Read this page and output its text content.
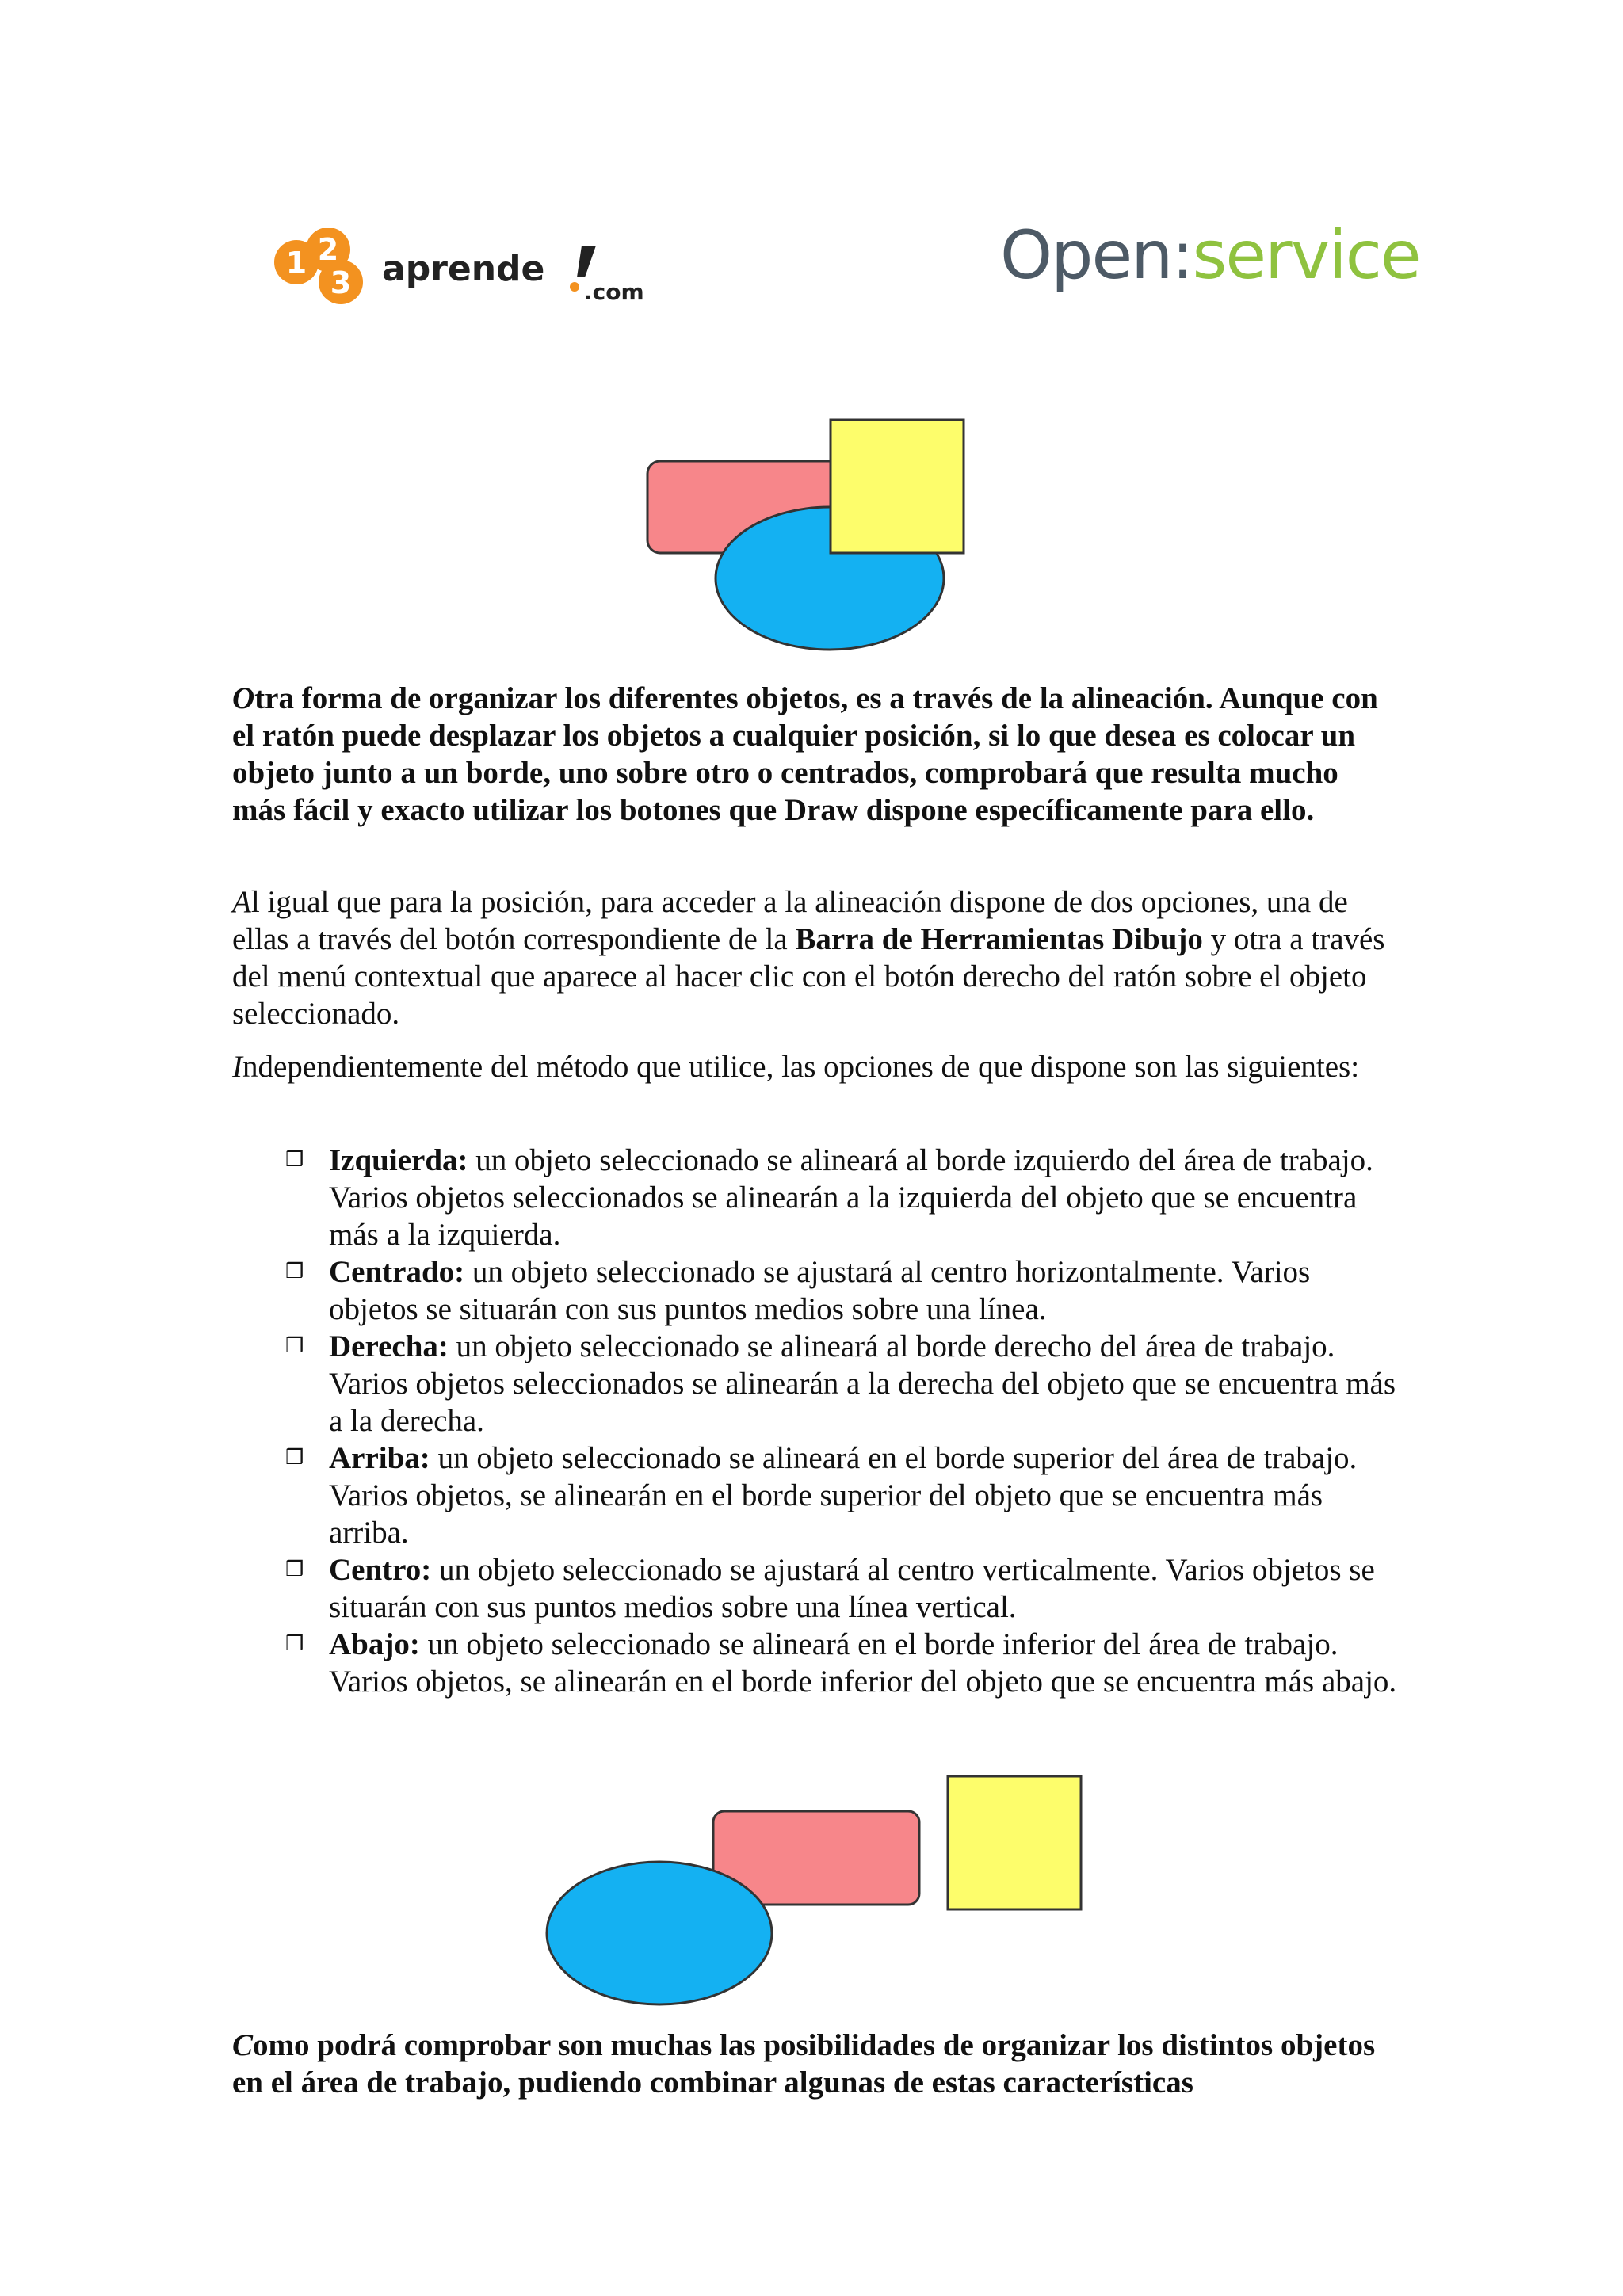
1 2
3 aprende
.com	Open:service
Otra forma de organizar los diferentes objetos, es a través de la alineación. Aunque con el ratón puede desplazar los objetos a cualquier posición, si lo que desea es colocar un objeto junto a un borde, uno sobre otro o centrados, comprobará que resulta mucho más fácil y exacto utilizar los botones que Draw dispone específicamente para ello.
Al igual que para la posición, para acceder a la alineación dispone de dos opciones, una de ellas a través del botón correspondiente de la Barra de Herramientas Dibujo y otra a través del menú contextual que aparece al hacer clic con el botón derecho del ratón sobre el objeto seleccionado.
Independientemente del método que utilice, las opciones de que dispone son las siguientes:
❒ Izquierda: un objeto seleccionado se alineará al borde izquierdo del área de trabajo. Varios objetos seleccionados se alinearán a la izquierda del objeto que se encuentra más a la izquierda.
❒ Centrado: un objeto seleccionado se ajustará al centro horizontalmente. Varios objetos se situarán con sus puntos medios sobre una línea.
❒ Derecha: un objeto seleccionado se alineará al borde derecho del área de trabajo. Varios objetos seleccionados se alinearán a la derecha del objeto que se encuentra más a la derecha.
❒ Arriba: un objeto seleccionado se alineará en el borde superior del área de trabajo. Varios objetos, se alinearán en el borde superior del objeto que se encuentra más arriba.
❒ Centro: un objeto seleccionado se ajustará al centro verticalmente. Varios objetos se situarán con sus puntos medios sobre una línea vertical.
❒ Abajo: un objeto seleccionado se alineará en el borde inferior del área de trabajo. Varios objetos, se alinearán en el borde inferior del objeto que se encuentra más abajo.
Como podrá comprobar son muchas las posibilidades de organizar los distintos objetos en el área de trabajo, pudiendo combinar algunas de estas características
